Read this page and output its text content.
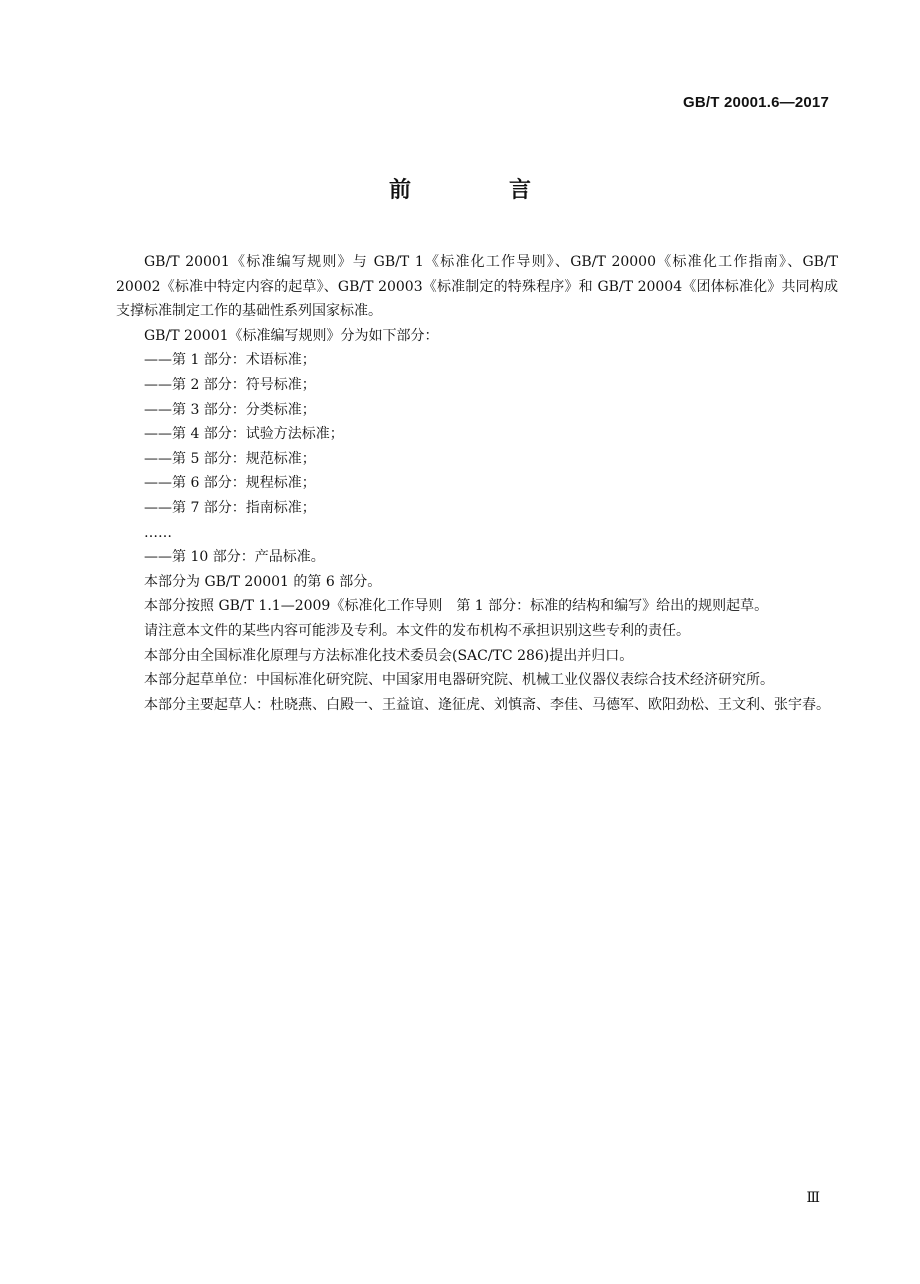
GB/T 20001.6—2017
前　言

GB/T 20001《标准编写规则》与 GB/T 1《标准化工作导则》、GB/T 20000《标准化工作指南》、GB/T 20002《标准中特定内容的起草》、GB/T 20003《标准制定的特殊程序》和 GB/T 20004《团体标准化》共同构成支撑标准制定工作的基础性系列国家标准。

GB/T 20001《标准编写规则》分为如下部分：

——第 1 部分：术语标准；

——第 2 部分：符号标准；

——第 3 部分：分类标准；

——第 4 部分：试验方法标准；

——第 5 部分：规范标准；

——第 6 部分：规程标准；

——第 7 部分：指南标准；

……

——第 10 部分：产品标准。

本部分为 GB/T 20001 的第 6 部分。

本部分按照 GB/T 1.1—2009《标准化工作导则　第 1 部分：标准的结构和编写》给出的规则起草。

请注意本文件的某些内容可能涉及专利。本文件的发布机构不承担识别这些专利的责任。

本部分由全国标准化原理与方法标准化技术委员会(SAC/TC 286)提出并归口。

本部分起草单位：中国标准化研究院、中国家用电器研究院、机械工业仪器仪表综合技术经济研究所。

本部分主要起草人：杜晓燕、白殿一、王益谊、逄征虎、刘慎斋、李佳、马德军、欧阳劲松、王文利、张宇春。

Ⅲ
